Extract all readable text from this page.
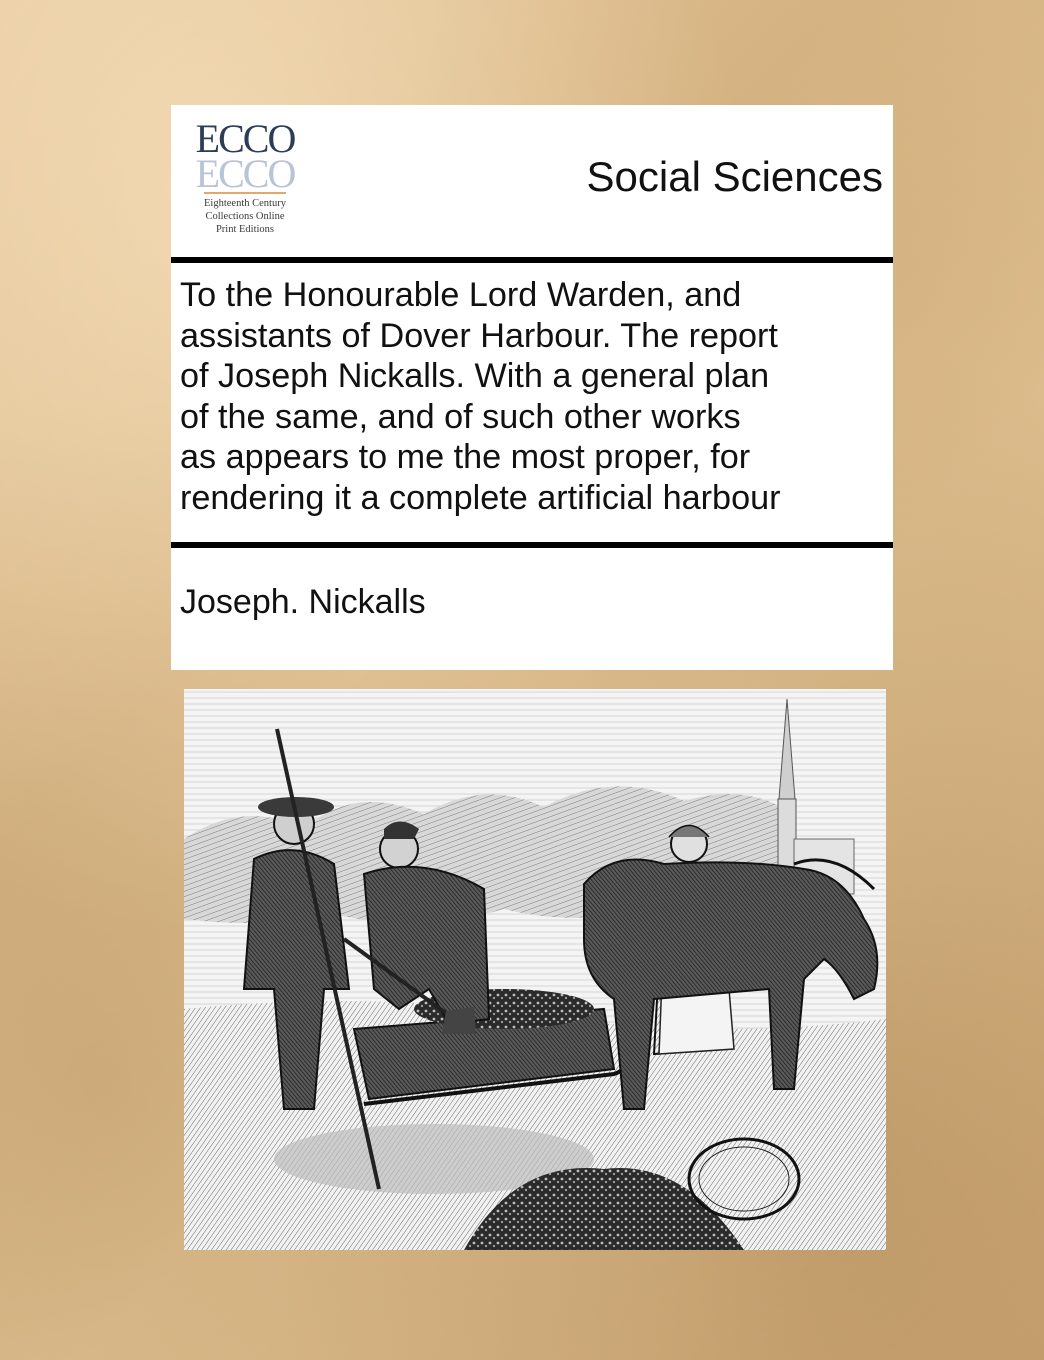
ECCO
ECCO
Eighteenth Century
Collections Online
Print Editions
Social Sciences
To the Honourable Lord Warden, and
assistants of Dover Harbour. The report
of Joseph Nickalls. With a general plan
of the same, and of such other works
as appears to me the most proper, for
rendering it a complete artificial harbour
Joseph. Nickalls
